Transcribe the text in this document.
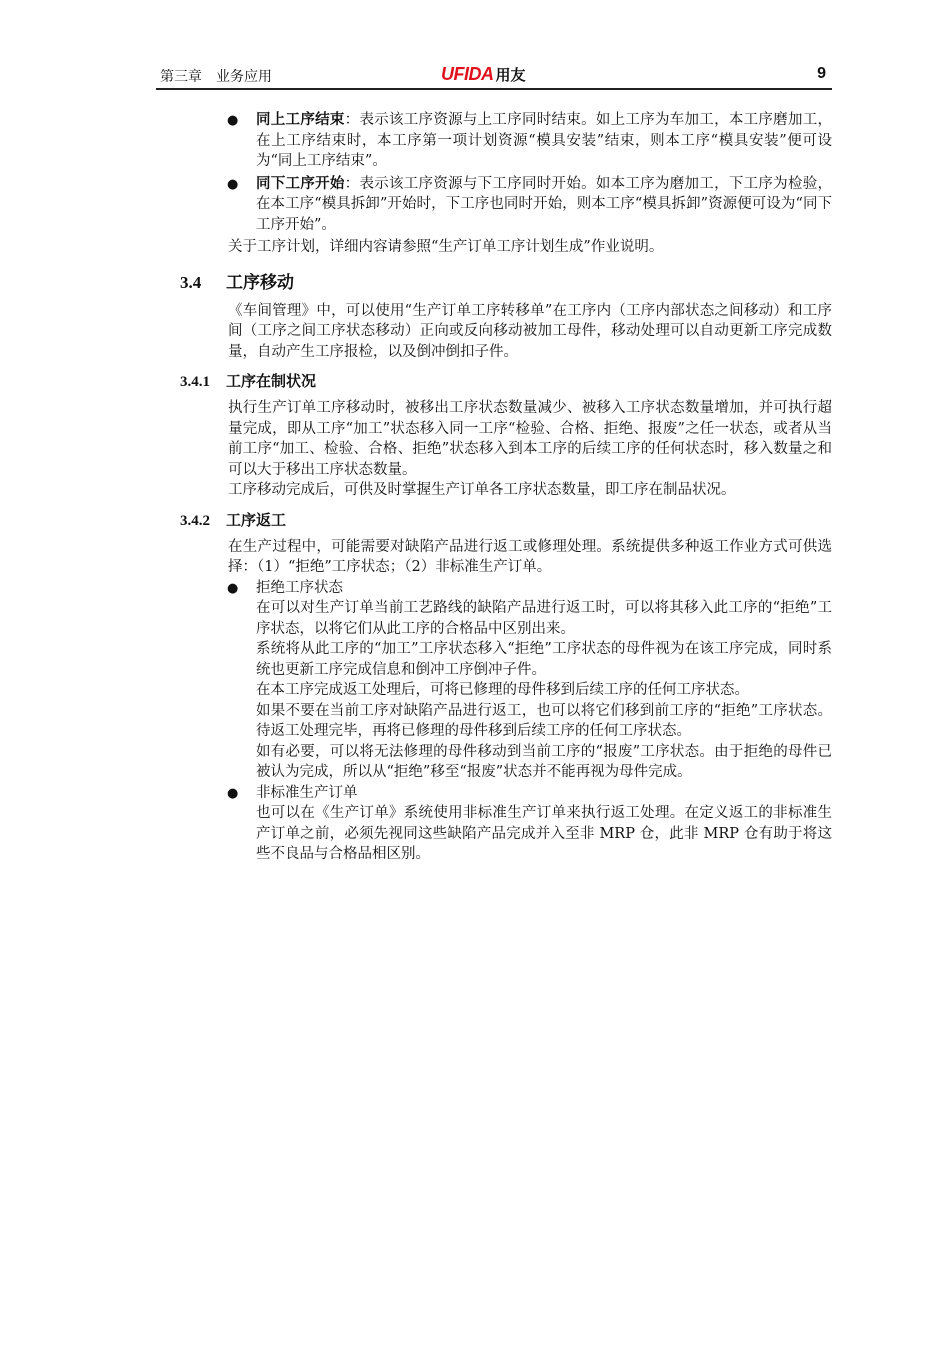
第三章　业务应用	UFIDA 用友	9
● 同上工序结束：表示该工序资源与上工序同时结束。如上工序为车加工，本工序磨加工，在上工序结束时，本工序第一项计划资源“模具安装”结束，则本工序“模具安装”便可设为“同上工序结束”。
● 同下工序开始：表示该工序资源与下工序同时开始。如本工序为磨加工，下工序为检验，在本工序“模具拆卸”开始时，下工序也同时开始，则本工序“模具拆卸”资源便可设为“同下工序开始”。

关于工序计划，详细内容请参照“生产订单工序计划生成”作业说明。

3.4 工序移动

《车间管理》中，可以使用“生产订单工序转移单”在工序内（工序内部状态之间移动）和工序间（工序之间工序状态移动）正向或反向移动被加工母件，移动处理可以自动更新工序完成数量，自动产生工序报检，以及倒冲倒扣子件。

3.4.1 工序在制状况

执行生产订单工序移动时，被移出工序状态数量减少、被移入工序状态数量增加，并可执行超量完成，即从工序“加工”状态移入同一工序“检验、合格、拒绝、报废”之任一状态，或者从当前工序“加工、检验、合格、拒绝”状态移入到本工序的后续工序的任何状态时，移入数量之和可以大于移出工序状态数量。

工序移动完成后，可供及时掌握生产订单各工序状态数量，即工序在制品状况。

3.4.2 工序返工

在生产过程中，可能需要对缺陷产品进行返工或修理处理。系统提供多种返工作业方式可供选择：（1）“拒绝”工序状态；（2）非标准生产订单。

● 拒绝工序状态

在可以对生产订单当前工艺路线的缺陷产品进行返工时，可以将其移入此工序的“拒绝”工序状态，以将它们从此工序的合格品中区别出来。

系统将从此工序的“加工”工序状态移入“拒绝”工序状态的母件视为在该工序完成，同时系统也更新工序完成信息和倒冲工序倒冲子件。

在本工序完成返工处理后，可将已修理的母件移到后续工序的任何工序状态。

如果不要在当前工序对缺陷产品进行返工，也可以将它们移到前工序的“拒绝”工序状态。待返工处理完毕，再将已修理的母件移到后续工序的任何工序状态。

如有必要，可以将无法修理的母件移动到当前工序的“报废”工序状态。由于拒绝的母件已被认为完成，所以从“拒绝”移至“报废”状态并不能再视为母件完成。

● 非标准生产订单

也可以在《生产订单》系统使用非标准生产订单来执行返工处理。在定义返工的非标准生产订单之前，必须先视同这些缺陷产品完成并入至非 MRP 仓，此非 MRP 仓有助于将这些不良品与合格品相区别。
